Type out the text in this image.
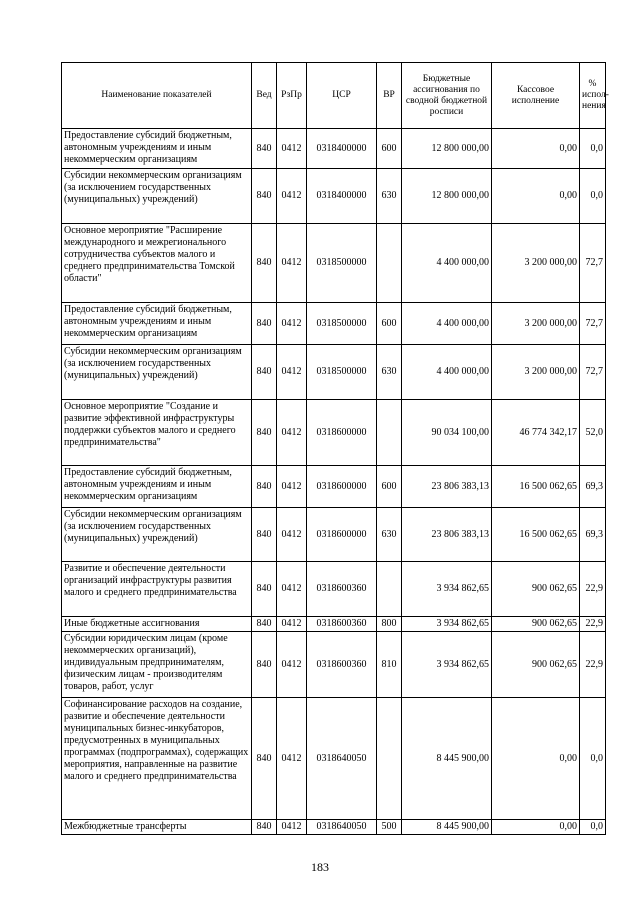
Наименование показателей	Вед	РзПр	ЦСР	ВР	Бюджетные ассигнования по сводной бюджетной росписи	Кассовое исполнение	% испол- нения
Предоставление субсидий бюджетным, автономным учреждениям и иным некоммерческим организациям	840	0412	0318400000	600	12 800 000,00	0,00	0,0
Субсидии некоммерческим организациям (за исключением государственных (муниципальных) учреждений)	840	0412	0318400000	630	12 800 000,00	0,00	0,0
Основное мероприятие "Расширение международного и межрегионального сотрудничества субъектов малого и среднего предпринимательства Томской области"	840	0412	0318500000		4 400 000,00	3 200 000,00	72,7
Предоставление субсидий бюджетным, автономным учреждениям и иным некоммерческим организациям	840	0412	0318500000	600	4 400 000,00	3 200 000,00	72,7
Субсидии некоммерческим организациям (за исключением государственных (муниципальных) учреждений)	840	0412	0318500000	630	4 400 000,00	3 200 000,00	72,7
Основное мероприятие "Создание и развитие эффективной инфраструктуры поддержки субъектов малого и среднего предпринимательства"	840	0412	0318600000		90 034 100,00	46 774 342,17	52,0
Предоставление субсидий бюджетным, автономным учреждениям и иным некоммерческим организациям	840	0412	0318600000	600	23 806 383,13	16 500 062,65	69,3
Субсидии некоммерческим организациям (за исключением государственных (муниципальных) учреждений)	840	0412	0318600000	630	23 806 383,13	16 500 062,65	69,3
Развитие и обеспечение деятельности организаций инфраструктуры развития малого и среднего предпринимательства	840	0412	0318600360		3 934 862,65	900 062,65	22,9
Иные бюджетные ассигнования	840	0412	0318600360	800	3 934 862,65	900 062,65	22,9
Субсидии юридическим лицам (кроме некоммерческих организаций), индивидуальным предпринимателям, физическим лицам - производителям товаров, работ, услуг	840	0412	0318600360	810	3 934 862,65	900 062,65	22,9
Софинансирование расходов на создание, развитие и обеспечение деятельности муниципальных бизнес-инкубаторов, предусмотренных в муниципальных программах (подпрограммах), содержащих мероприятия, направленные на развитие малого и среднего предпринимательства	840	0412	0318640050		8 445 900,00	0,00	0,0
Межбюджетные трансферты	840	0412	0318640050	500	8 445 900,00	0,00	0,0
183
